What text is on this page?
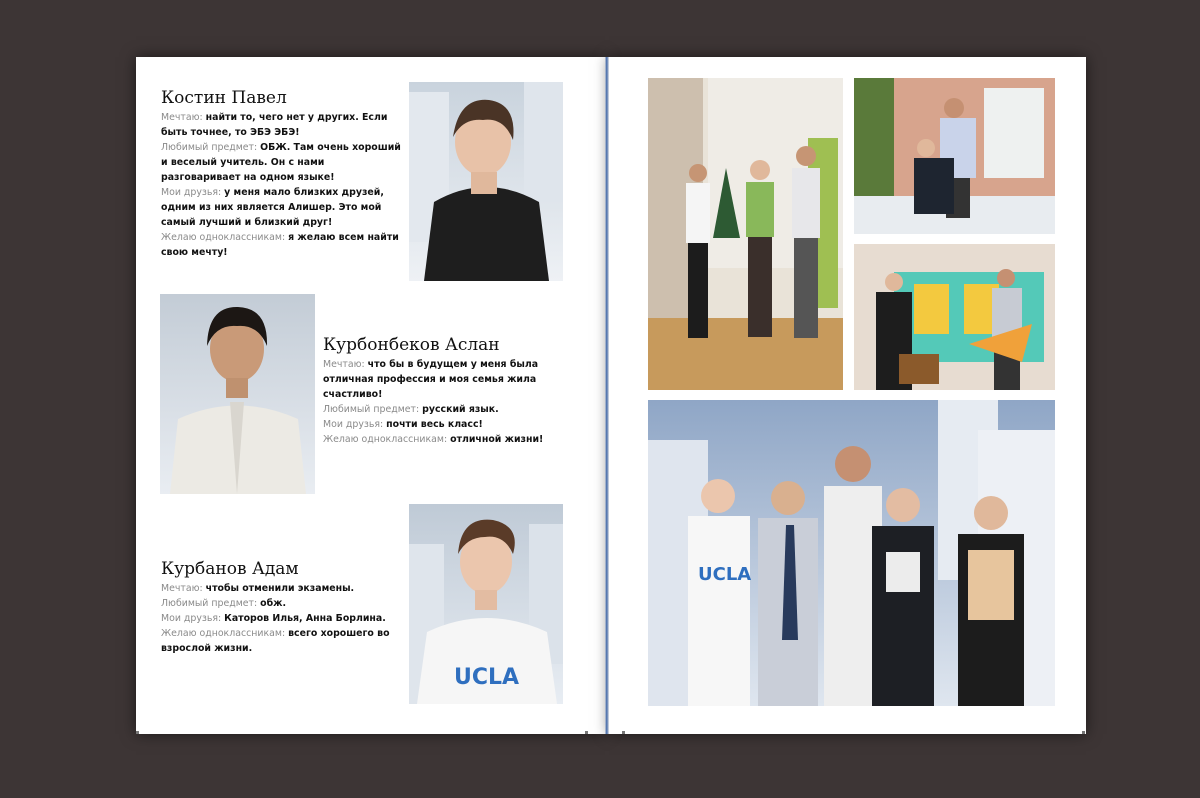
Костин Павел
Мечтаю: найти то, чего нет у других. Если быть точнее, то ЭБЭ ЭБЭ!
Любимый предмет: ОБЖ. Там очень хороший и веселый учитель. Он с нами разговаривает на одном языке!
Мои друзья: у меня мало близких друзей, одним из них является Алишер. Это мой самый лучший и близкий друг!
Желаю одноклассникам: я желаю всем найти свою мечту!
Курбонбеков Аслан
Мечтаю: что бы в будущем у меня была отличная профессия и моя семья жила счастливо!
Любимый предмет: русский язык.
Мои друзья: почти весь класс!
Желаю одноклассникам: отличной жизни!
Курбанов Адам
Мечтаю: чтобы отменили экзамены.
Любимый предмет: обж.
Мои друзья: Каторов Илья, Анна Борлина.
Желаю одноклассникам: всего хорошего во взрослой жизни.
UCLA
UCLA
